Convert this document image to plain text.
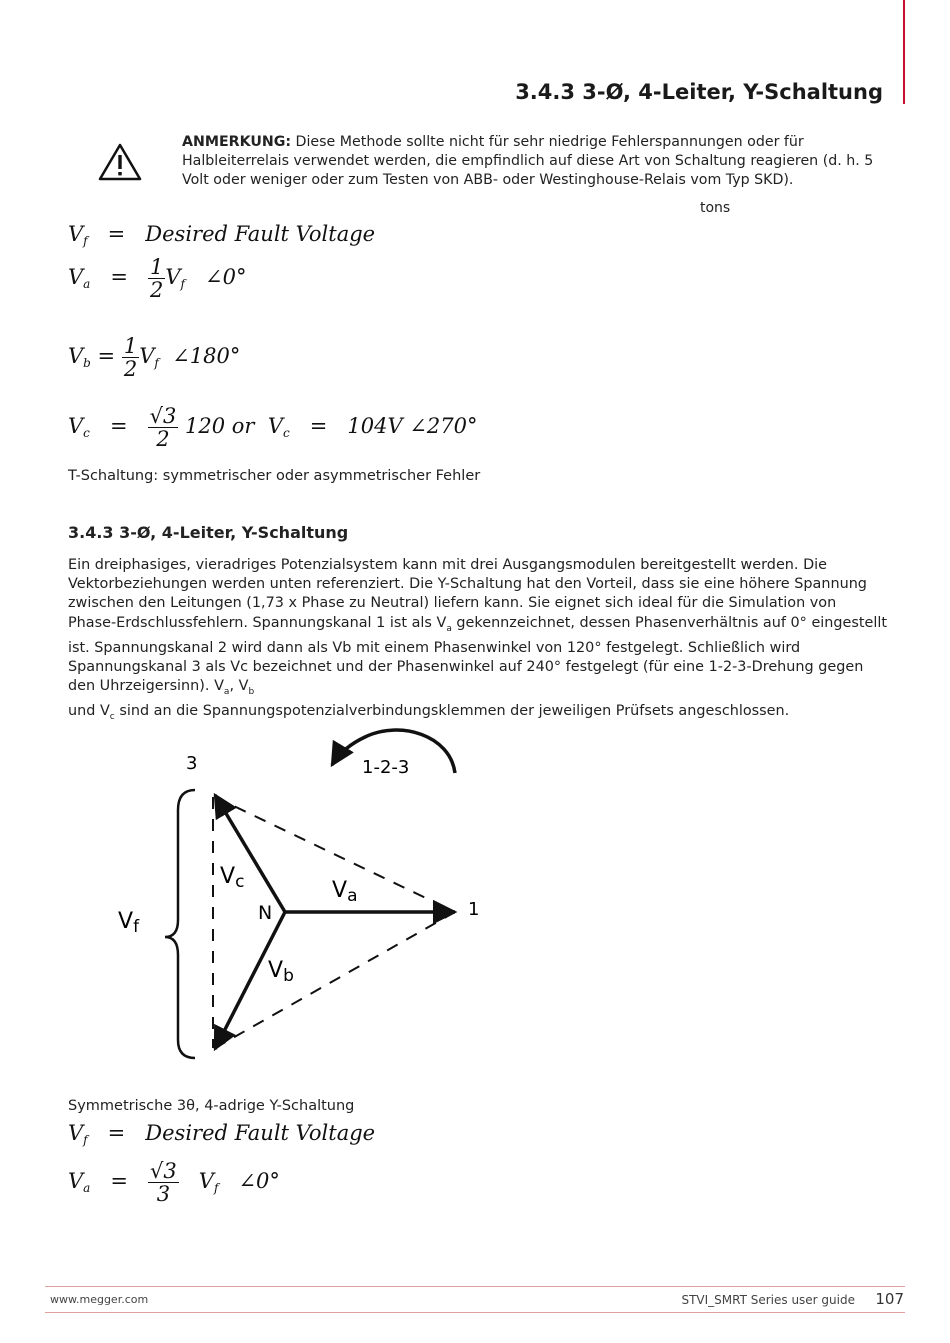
3.4.3 3-Ø, 4-Leiter, Y-Schaltung
ANMERKUNG: Diese Methode sollte nicht für sehr niedrige Fehlerspannungen oder für Halbleiterrelais verwendet werden, die empfindlich auf diese Art von Schaltung reagieren (d. h. 5 Volt oder weniger oder zum Testen von ABB- oder Westinghouse-Relais vom Typ SKD).
tons
$V_f$ = Desired Fault Voltage
$V_a = \frac{1}{2} V_f$ ∠0°
$V_b = \frac{1}{2} V_f$ ∠180°
$V_c = \frac{√3}{2} 120$ or $V_c = 104V$ ∠270°
T-Schaltung: symmetrischer oder asymmetrischer Fehler
3.4.3 3-Ø, 4-Leiter, Y-Schaltung
Ein dreiphasiges, vieradriges Potenzialsystem kann mit drei Ausgangsmodulen bereitgestellt werden. Die Vektorbeziehungen werden unten referenziert. Die Y-Schaltung hat den Vorteil, dass sie eine höhere Spannung zwischen den Leitungen (1,73 x Phase zu Neutral) liefern kann. Sie eignet sich ideal für die Simulation von Phase-Erdschlussfehlern. Spannungskanal 1 ist als $V_a$ gekennzeichnet, dessen Phasenverhältnis auf 0° eingestellt ist. Spannungskanal 2 wird dann als Vb mit einem Phasenwinkel von 120° festgelegt. Schließlich wird Spannungskanal 3 als Vc bezeichnet und der Phasenwinkel auf 240° festgelegt (für eine 1-2-3-Drehung gegen den Uhrzeigersinn). $V_a$, $V_b$
und $V_c$ sind an die Spannungspotenzialverbindungsklemmen der jeweiligen Prüfsets angeschlossen.
3	1-2-3
Vc	Va
N	1
Vb
Vf
Symmetrische 3θ, 4-adrige Y-Schaltung
$V_f$ = Desired Fault Voltage
$V_a = \frac{√3}{3} V_f$ ∠0°
www.megger.com	STVI_SMRT Series user guide 107
